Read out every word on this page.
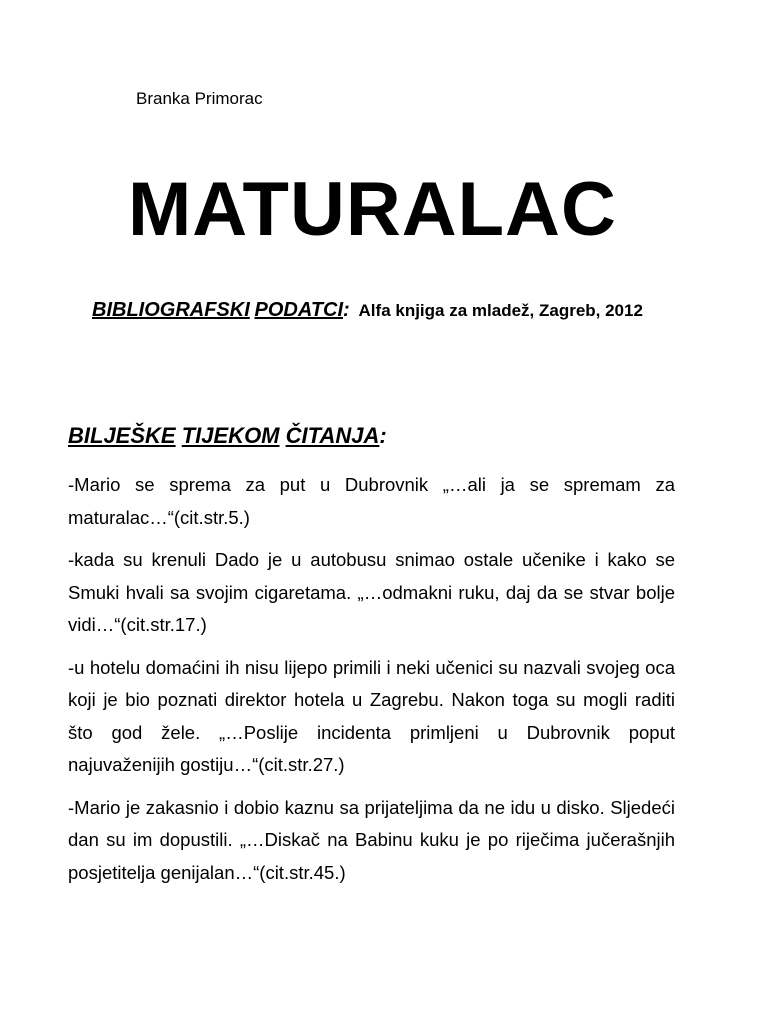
Branka Primorac
MATURALAC
BIBLIOGRAFSKI PODATCI: Alfa knjiga za mladež, Zagreb, 2012
BILJEŠKE TIJEKOM ČITANJA:

-Mario se sprema za put u Dubrovnik „…ali ja se spremam za maturalac…“(cit.str.5.)

-kada su krenuli Dado je u autobusu snimao ostale učenike i kako se Smuki hvali sa svojim cigaretama. „…odmakni ruku, daj da se stvar bolje vidi…“(cit.str.17.)

-u hotelu domaćini ih nisu lijepo primili i neki učenici su nazvali svojeg oca koji je bio poznati direktor hotela u Zagrebu. Nakon toga su mogli raditi što god žele. „…Poslije incidenta primljeni u Dubrovnik poput najuvaženijih gostiju…“(cit.str.27.)

-Mario je zakasnio i dobio kaznu sa prijateljima da ne idu u disko. Sljedeći dan su im dopustili. „…Diskač na Babinu kuku je po riječima jučerašnjih posjetitelja genijalan…“(cit.str.45.)
